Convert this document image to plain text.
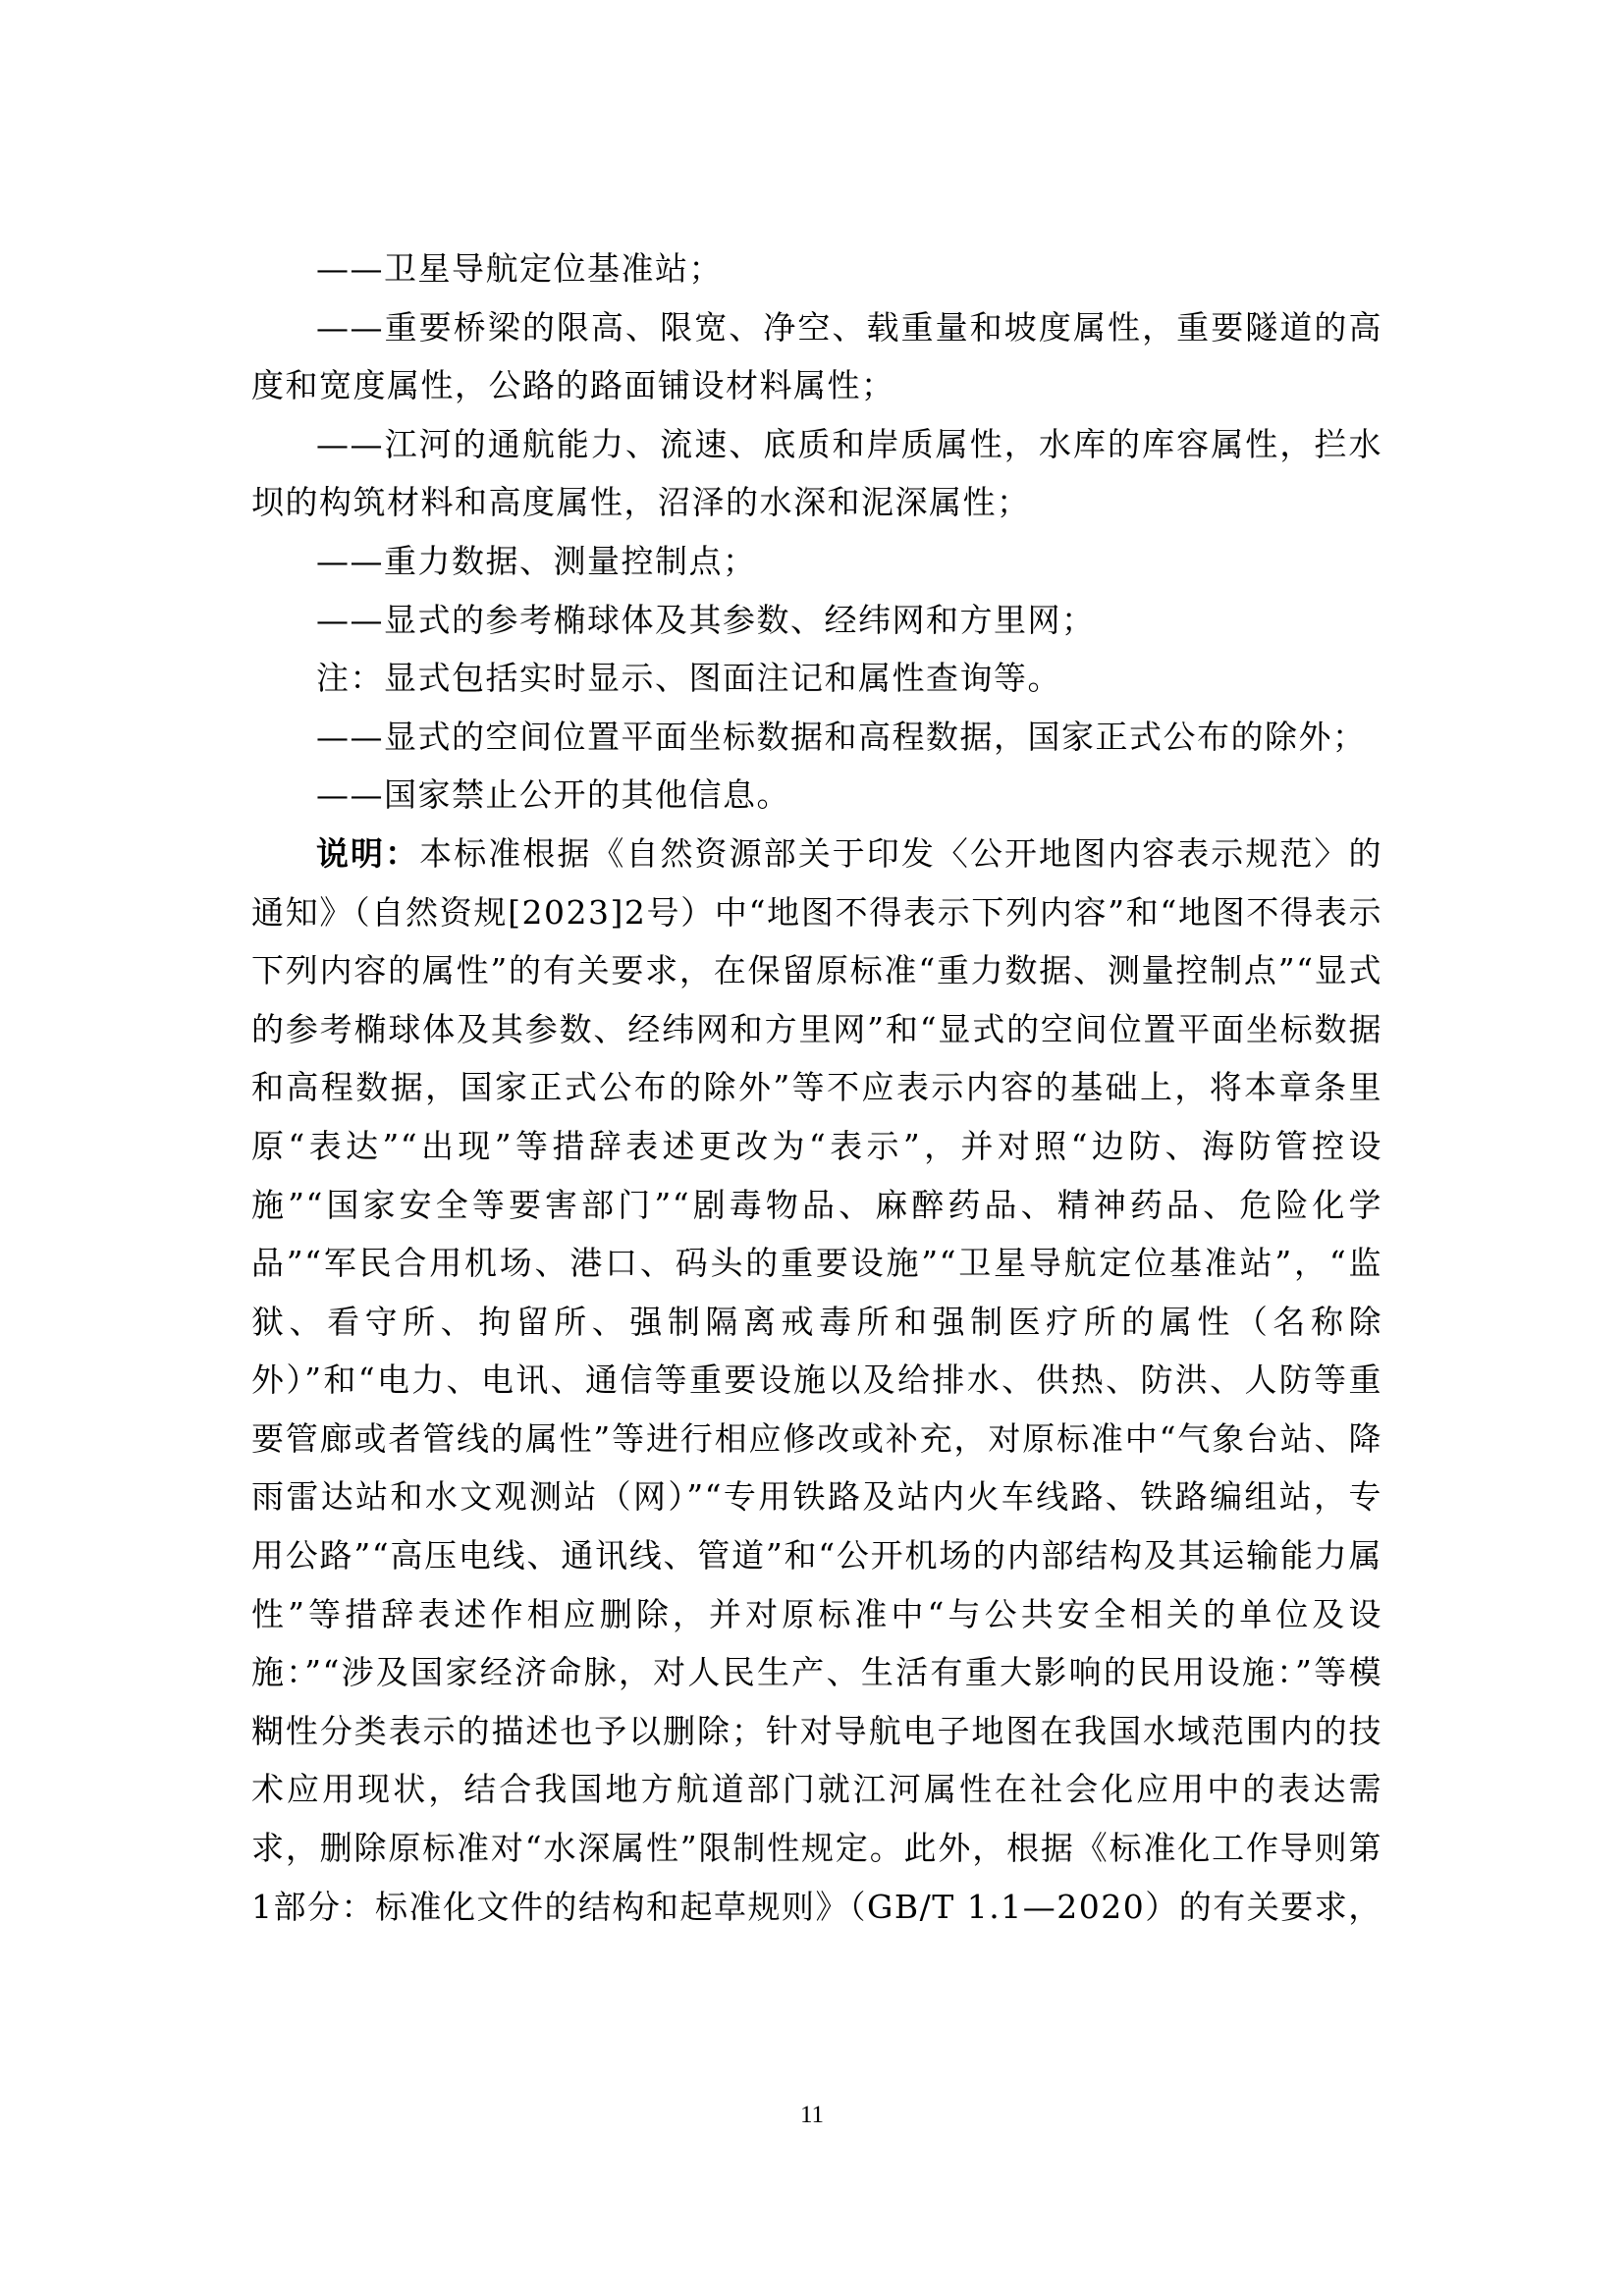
——卫星导航定位基准站；

——重要桥梁的限高、限宽、净空、载重量和坡度属性，重要隧道的高度和宽度属性，公路的路面铺设材料属性；

——江河的通航能力、流速、底质和岸质属性，水库的库容属性，拦水坝的构筑材料和高度属性，沼泽的水深和泥深属性；

——重力数据、测量控制点；

——显式的参考椭球体及其参数、经纬网和方里网；

注：显式包括实时显示、图面注记和属性查询等。

——显式的空间位置平面坐标数据和高程数据，国家正式公布的除外；

——国家禁止公开的其他信息。

说明：本标准根据《自然资源部关于印发〈公开地图内容表示规范〉的通知》（自然资规[2023]2号）中“地图不得表示下列内容”和“地图不得表示下列内容的属性”的有关要求，在保留原标准“重力数据、测量控制点”“显式的参考椭球体及其参数、经纬网和方里网”和“显式的空间位置平面坐标数据和高程数据，国家正式公布的除外”等不应表示内容的基础上，将本章条里原“表达”“出现”等措辞表述更改为“表示”，并对照“边防、海防管控设施”“国家安全等要害部门”“剧毒物品、麻醉药品、精神药品、危险化学品”“军民合用机场、港口、码头的重要设施”“卫星导航定位基准站”，“监狱、看守所、拘留所、强制隔离戒毒所和强制医疗所的属性（名称除外）”和“电力、电讯、通信等重要设施以及给排水、供热、防洪、人防等重要管廊或者管线的属性”等进行相应修改或补充，对原标准中“气象台站、降雨雷达站和水文观测站（网）”“专用铁路及站内火车线路、铁路编组站，专用公路”“高压电线、通讯线、管道”和“公开机场的内部结构及其运输能力属性”等措辞表述作相应删除，并对原标准中“与公共安全相关的单位及设施：”“涉及国家经济命脉，对人民生产、生活有重大影响的民用设施：”等模糊性分类表示的描述也予以删除；针对导航电子地图在我国水域范围内的技术应用现状，结合我国地方航道部门就江河属性在社会化应用中的表达需求，删除原标准对“水深属性”限制性规定。此外，根据《标准化工作导则第1部分：标准化文件的结构和起草规则》（GB/T 1.1—2020）的有关要求，

11
